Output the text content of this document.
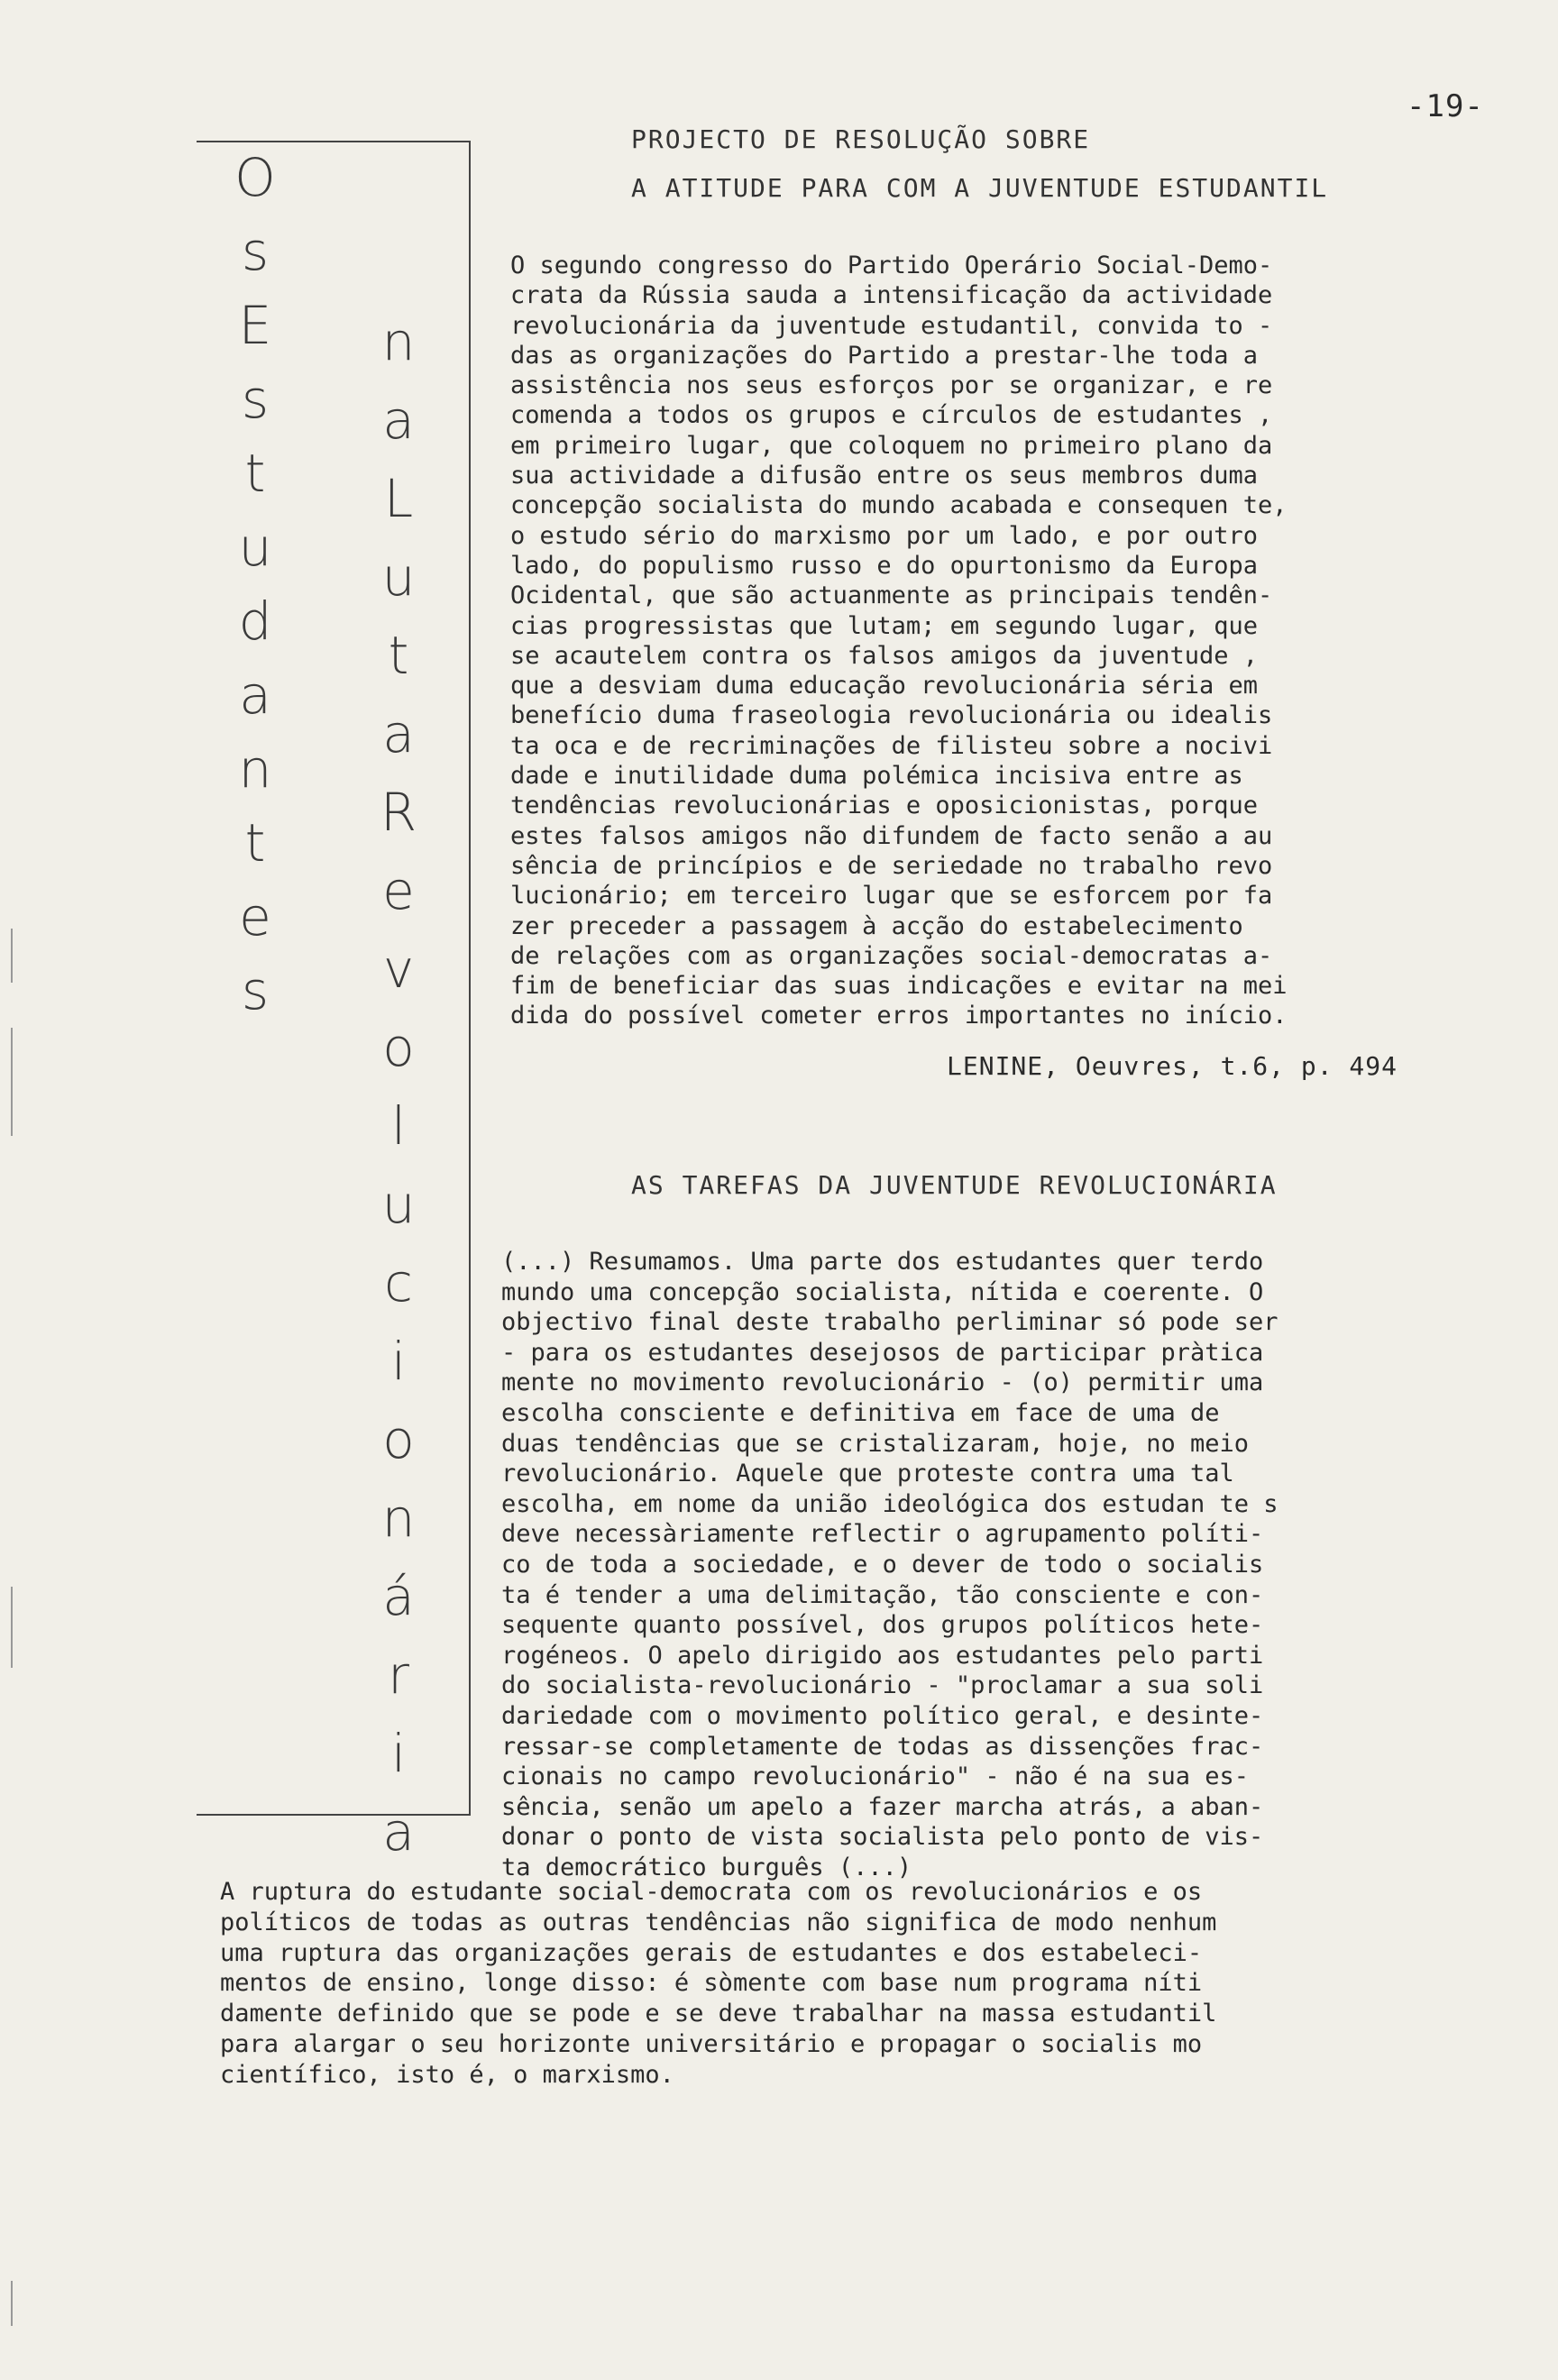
-19-
PROJECTO DE RESOLUÇÃO SOBRE
A ATITUDE PARA COM A JUVENTUDE ESTUDANTIL
O
s
E
s
t
u
d
a
n
t
e
s
n
a
L
u
t
a
R
e
v
o
l
u
c
i
o
n
á
r
i
a

O segundo congresso do Partido Operário Social-Demo-
crata da Rússia sauda a intensificação da actividade
revolucionária da juventude estudantil, convida to -
das as organizações do Partido a prestar-lhe toda a
assistência nos seus esforços por se organizar, e re
comenda a todos os grupos e círculos de estudantes ,
em primeiro lugar, que coloquem no primeiro plano da
sua actividade a difusão entre os seus membros duma
concepção socialista do mundo acabada e consequen te,
o estudo sério do marxismo por um lado, e por outro
lado, do populismo russo e do opurtonismo da Europa
Ocidental, que são actuanmente as principais tendên-
cias progressistas que lutam; em segundo lugar, que
se acautelem contra os falsos amigos da juventude ,
que a desviam duma educação revolucionária séria em
benefício duma fraseologia revolucionária ou idealis
ta oca e de recriminações de filisteu sobre a nocivi
dade e inutilidade duma polémica incisiva entre as
tendências revolucionárias e oposicionistas, porque
estes falsos amigos não difundem de facto senão a au
sência de princípios e de seriedade no trabalho revo
lucionário; em terceiro lugar que se esforcem por fa
zer preceder a passagem à acção do estabelecimento
de relações com as organizações social-democratas a-
fim de beneficiar das suas indicações e evitar na mei
dida do possível cometer erros importantes no início.

LENINE, Oeuvres, t.6, p. 494
AS TAREFAS DA JUVENTUDE REVOLUCIONÁRIA

(...) Resumamos. Uma parte dos estudantes quer terdo
mundo uma concepção socialista, nítida e coerente. O
objectivo final deste trabalho perliminar só pode ser
- para os estudantes desejosos de participar pràtica
mente no movimento revolucionário - (o) permitir uma
escolha consciente e definitiva em face de uma de
duas tendências que se cristalizaram, hoje, no meio
revolucionário. Aquele que proteste contra uma tal
escolha, em nome da união ideológica dos estudan te s
deve necessàriamente reflectir o agrupamento políti-
co de toda a sociedade, e o dever de todo o socialis
ta é tender a uma delimitação, tão consciente e con-
sequente quanto possível, dos grupos políticos hete-
rogéneos. O apelo dirigido aos estudantes pelo parti
do socialista-revolucionário - "proclamar a sua soli
dariedade com o movimento político geral, e desinte-
ressar-se completamente de todas as dissenções frac-
cionais no campo revolucionário" - não é na sua es-
sência, senão um apelo a fazer marcha atrás, a aban-
donar o ponto de vista socialista pelo ponto de vis-
ta democrático burguês (...)

A ruptura do estudante social-democrata com os revolucionários e os
políticos de todas as outras tendências não significa de modo nenhum
uma ruptura das organizações gerais de estudantes e dos estabeleci-
mentos de ensino, longe disso: é sòmente com base num programa níti
damente definido que se pode e se deve trabalhar na massa estudantil
para alargar o seu horizonte universitário e propagar o socialis mo
científico, isto é, o marxismo.
